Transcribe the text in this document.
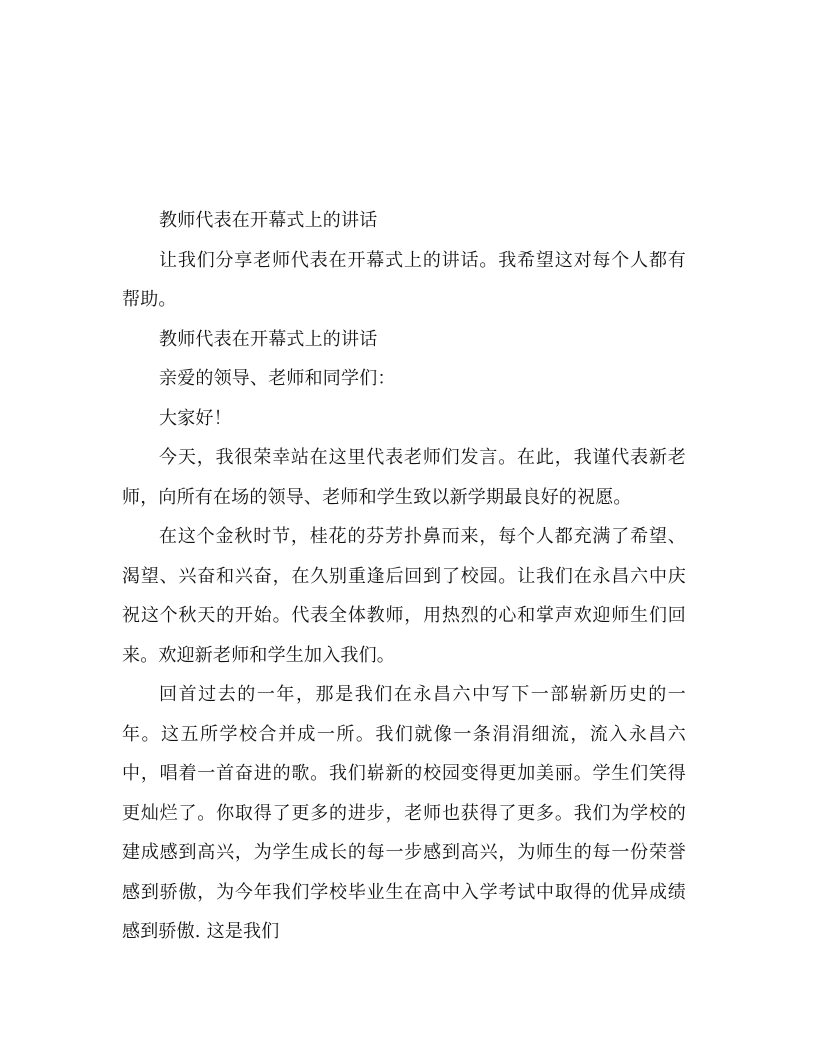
教师代表在开幕式上的讲话

让我们分享老师代表在开幕式上的讲话。我希望这对每个人都有帮助。

教师代表在开幕式上的讲话

亲爱的领导、老师和同学们：

大家好！

今天，我很荣幸站在这里代表老师们发言。在此，我谨代表新老师，向所有在场的领导、老师和学生致以新学期最良好的祝愿。

在这个金秋时节，桂花的芬芳扑鼻而来，每个人都充满了希望、渴望、兴奋和兴奋，在久别重逢后回到了校园。让我们在永昌六中庆祝这个秋天的开始。代表全体教师，用热烈的心和掌声欢迎师生们回来。欢迎新老师和学生加入我们。

回首过去的一年，那是我们在永昌六中写下一部崭新历史的一年。这五所学校合并成一所。我们就像一条涓涓细流，流入永昌六中，唱着一首奋进的歌。我们崭新的校园变得更加美丽。学生们笑得更灿烂了。你取得了更多的进步，老师也获得了更多。我们为学校的建成感到高兴，为学生成长的每一步感到高兴，为师生的每一份荣誉感到骄傲，为今年我们学校毕业生在高中入学考试中取得的优异成绩感到骄傲. 这是我们
